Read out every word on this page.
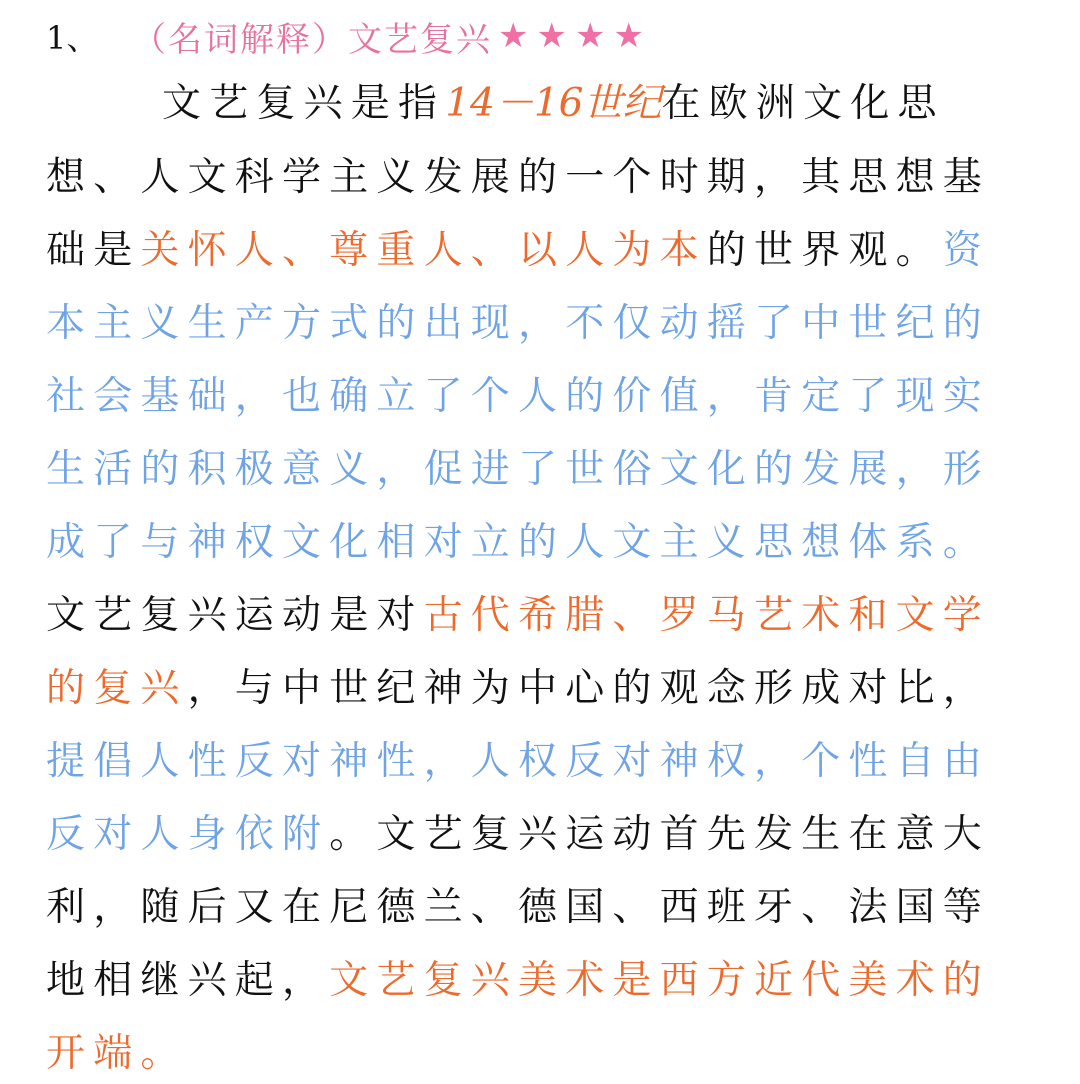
1、 （名词解释）文艺复兴 ★★★★
文艺复兴是指14－16世纪在欧洲文化思
想、人文科学主义发展的一个时期，其思想基
础是关怀人、尊重人、以人为本的世界观。资
本主义生产方式的出现，不仅动摇了中世纪的
社会基础，也确立了个人的价值，肯定了现实
生活的积极意义，促进了世俗文化的发展，形
成了与神权文化相对立的人文主义思想体系。
文艺复兴运动是对古代希腊、罗马艺术和文学
的复兴，与中世纪神为中心的观念形成对比，
提倡人性反对神性，人权反对神权，个性自由
反对人身依附。文艺复兴运动首先发生在意大
利，随后又在尼德兰、德国、西班牙、法国等
地相继兴起，文艺复兴美术是西方近代美术的
开端。
